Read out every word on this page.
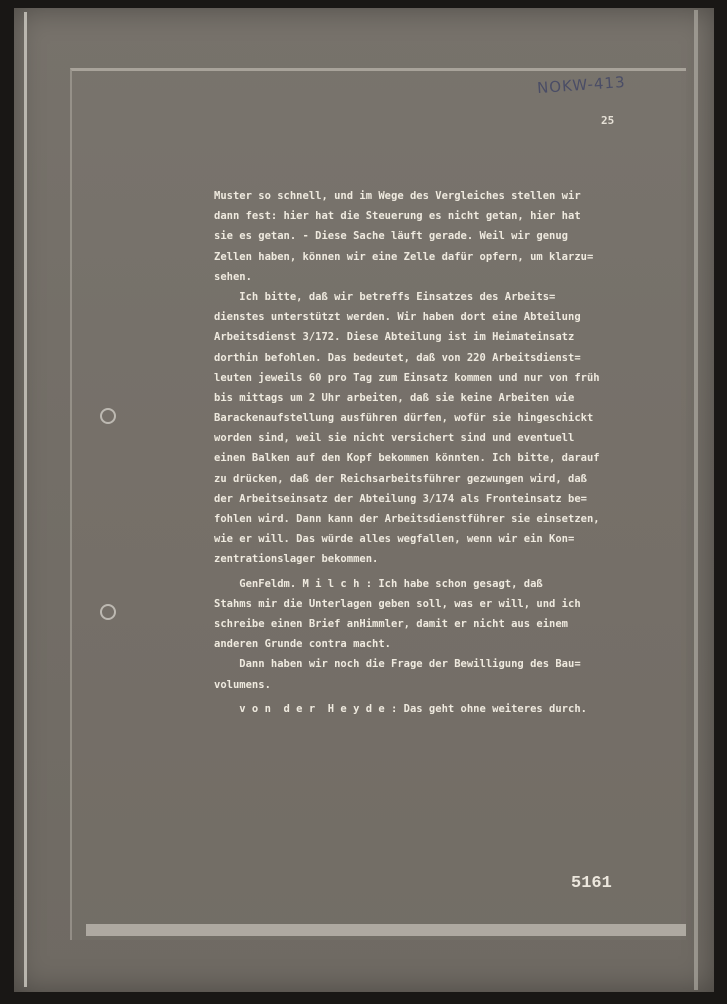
NOKW-413
25
Muster so schnell, und im Wege des Vergleiches stellen wir
dann fest: hier hat die Steuerung es nicht getan, hier hat
sie es getan. - Diese Sache läuft gerade. Weil wir genug
Zellen haben, können wir eine Zelle dafür opfern, um klarzu=
sehen.
Ich bitte, daß wir betreffs Einsatzes des Arbeits=
dienstes unterstützt werden. Wir haben dort eine Abteilung
Arbeitsdienst 3/172. Diese Abteilung ist im Heimateinsatz
dorthin befohlen. Das bedeutet, daß von 220 Arbeitsdienst=
leuten jeweils 60 pro Tag zum Einsatz kommen und nur von früh
bis mittags um 2 Uhr arbeiten, daß sie keine Arbeiten wie
Barackenaufstellung ausführen dürfen, wofür sie hingeschickt
worden sind, weil sie nicht versichert sind und eventuell
einen Balken auf den Kopf bekommen könnten. Ich bitte, darauf
zu drücken, daß der Reichsarbeitsführer gezwungen wird, daß
der Arbeitseinsatz der Abteilung 3/174 als Fronteinsatz be=
fohlen wird. Dann kann der Arbeitsdienstführer sie einsetzen,
wie er will. Das würde alles wegfallen, wenn wir ein Kon=
zentrationslager bekommen.
GenFeldm. M i l c h : Ich habe schon gesagt, daß
Stahms mir die Unterlagen geben soll, was er will, und ich
schreibe einen Brief anHimmler, damit er nicht aus einem
anderen Grunde contra macht.
Dann haben wir noch die Frage der Bewilligung des Bau=
volumens.
v o n  d e r  H e y d e : Das geht ohne weiteres durch.
5161
